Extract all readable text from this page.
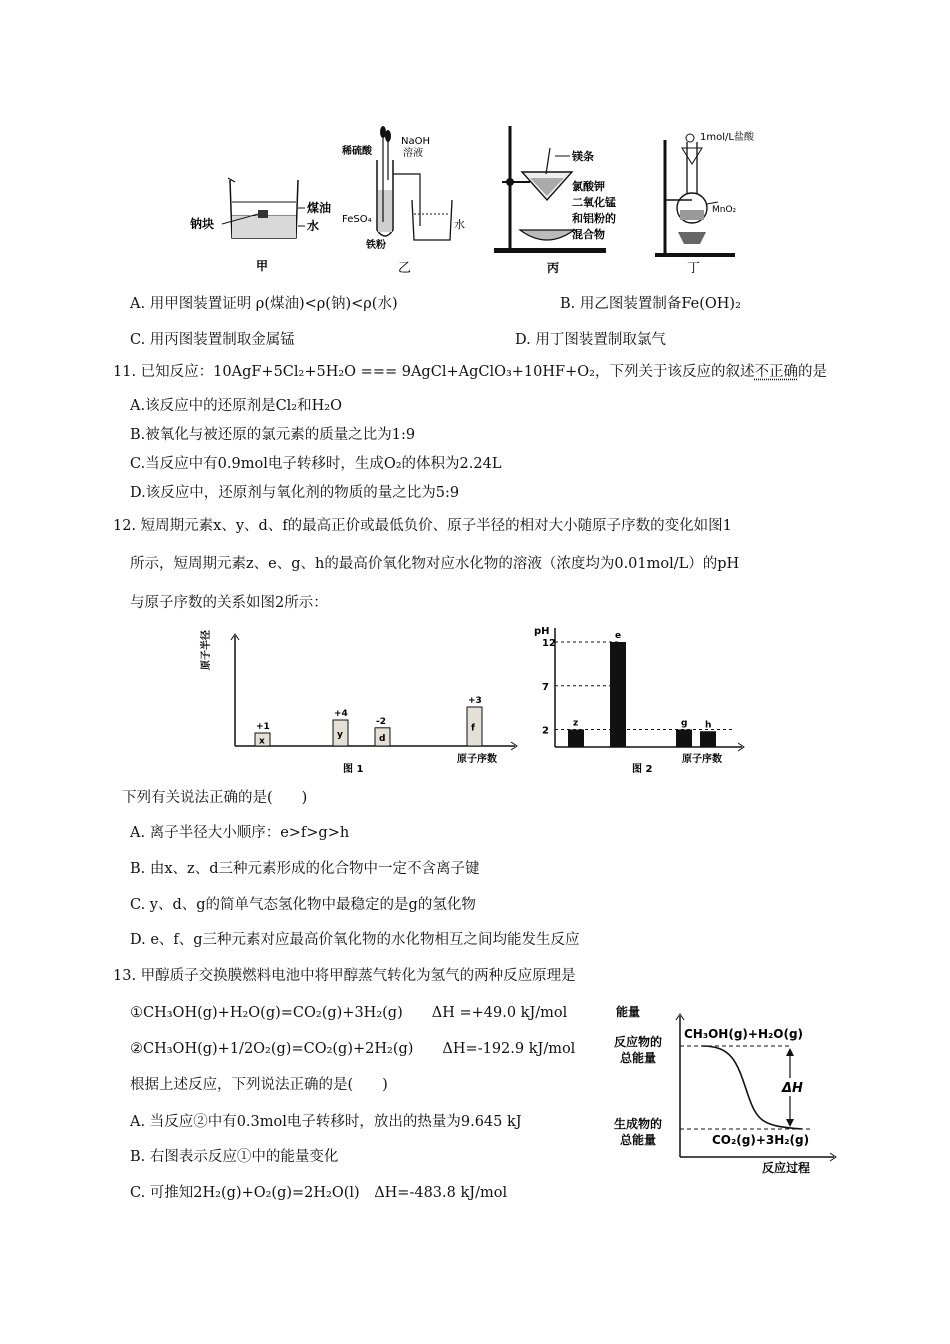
钠块
煤油
水
甲
稀硫酸
NaOH
溶液
FeSO₄
铁粉
水
乙
镁条
氯酸钾
二氧化锰
和铝粉的
混合物
丙
1mol/L盐酸
MnO₂
丁
A. 用甲图装置证明 ρ(煤油)<ρ(钠)<ρ(水)	B. 用乙图装置制备Fe(OH)₂
C. 用丙图装置制取金属锰	D. 用丁图装置制取氯气
11. 已知反应：10AgF+5Cl₂+5H₂O === 9AgCl+AgClO₃+10HF+O₂，下列关于该反应的叙述不正确的是
A.该反应中的还原剂是Cl₂和H₂O
B.被氧化与被还原的氯元素的质量之比为1:9
C.当反应中有0.9mol电子转移时，生成O₂的体积为2.24L
D.该反应中，还原剂与氧化剂的物质的量之比为5:9
12. 短周期元素x、y、d、f的最高正价或最低负价、原子半径的相对大小随原子序数的变化如图1
所示，短周期元素z、e、g、h的最高价氧化物对应水化物的溶液（浓度均为0.01mol/L）的pH
与原子序数的关系如图2所示：
原子半径
原子序数
图 1
x
+1
y
+4
d
-2
f
+3
pH
原子序数
图 2
2
7
12
z
e
g h
下列有关说法正确的是(　　)
A. 离子半径大小顺序：e>f>g>h
B. 由x、z、d三种元素形成的化合物中一定不含离子键
C. y、d、g的简单气态氢化物中最稳定的是g的氢化物
D. e、f、g三种元素对应最高价氧化物的水化物相互之间均能发生反应
13. 甲醇质子交换膜燃料电池中将甲醇蒸气转化为氢气的两种反应原理是
①CH₃OH(g)+H₂O(g)=CO₂(g)+3H₂(g)　　ΔH =+49.0 kJ/mol
②CH₃OH(g)+1/2O₂(g)=CO₂(g)+2H₂(g)　　ΔH=-192.9 kJ/mol
根据上述反应，下列说法正确的是(　　)
A. 当反应②中有0.3mol电子转移时，放出的热量为9.645 kJ
B. 右图表示反应①中的能量变化
C. 可推知2H₂(g)+O₂(g)=2H₂O(l)　ΔH=-483.8 kJ/mol
能量
反应过程
反应物的
总能量
生成物的
总能量
CH₃OH(g)+H₂O(g)
CO₂(g)+3H₂(g)
ΔH
